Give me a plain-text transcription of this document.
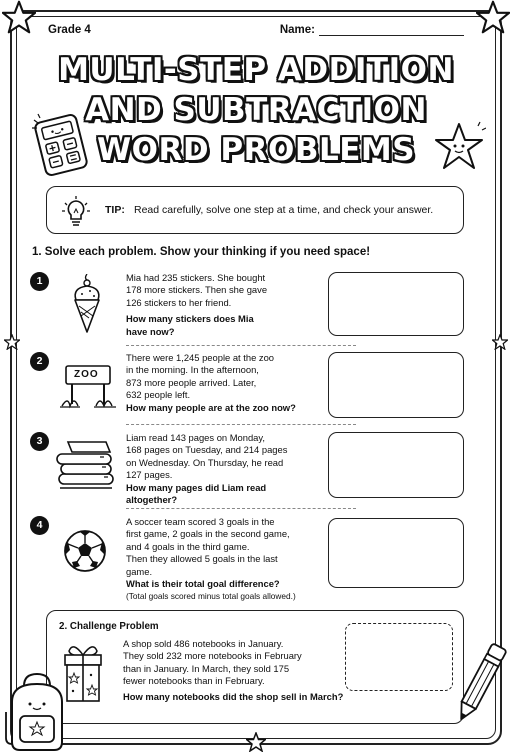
Grade 4	Name:
MULTI-STEP ADDITION
AND SUBTRACTION
WORD PROBLEMS
TIP: Read carefully, solve one step at a time, and check your answer.
1. Solve each problem. Show your thinking if you need space!
1	Mia had 235 stickers. She bought
178 more stickers. Then she gave
126 stickers to her friend.
How many stickers does Mia
have now?
2
ZOO
There were 1,245 people at the zoo
in the morning. In the afternoon,
873 more people arrived. Later,
632 people left.
How many people are at the zoo now?
3	Liam read 143 pages on Monday,
168 pages on Tuesday, and 214 pages
on Wednesday. On Thursday, he read
127 pages.
How many pages did Liam read
altogether?
4	A soccer team scored 3 goals in the
first game, 2 goals in the second game,
and 4 goals in the third game.
Then they allowed 5 goals in the last
game.
What is their total goal difference?
(Total goals scored minus total goals allowed.)
2. Challenge Problem
A shop sold 486 notebooks in January.
They sold 232 more notebooks in February
than in January. In March, they sold 175
fewer notebooks than in February.
How many notebooks did the shop sell in March?
